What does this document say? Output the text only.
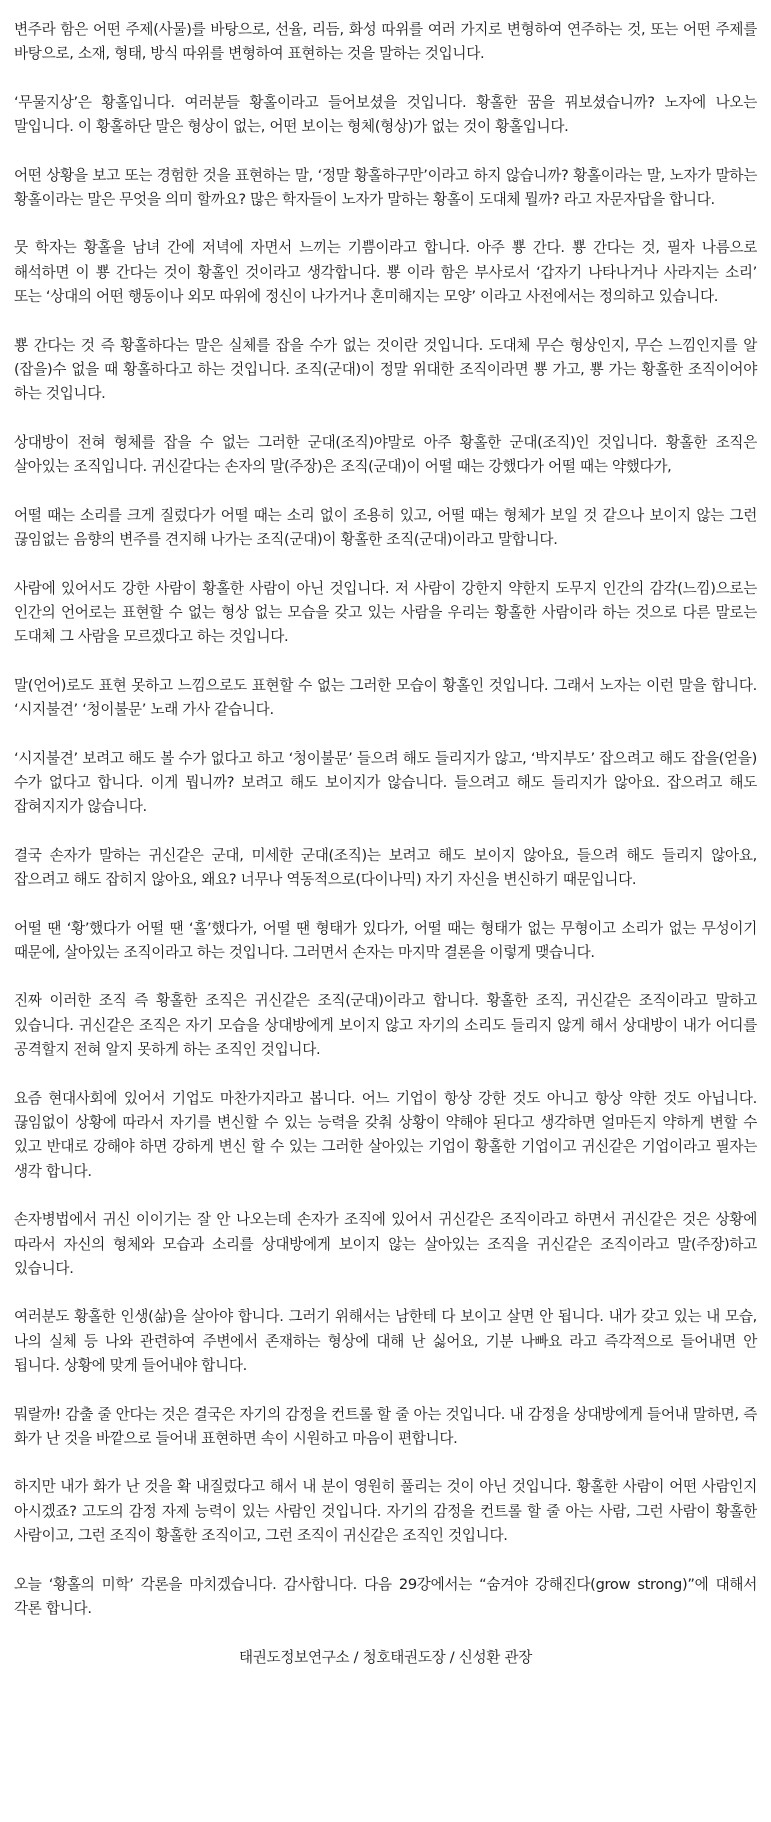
변주라 함은 어떤 주제(사물)를 바탕으로, 선율, 리듬, 화성 따위를 여러 가지로 변형하여 연주하는 것, 또는 어떤 주제를 바탕으로, 소재, 형태, 방식 따위를 변형하여 표현하는 것을 말하는 것입니다.

‘무물지상’은 황홀입니다. 여러분들 황홀이라고 들어보셨을 것입니다. 황홀한 꿈을 꿔보셨습니까? 노자에 나오는 말입니다. 이 황홀하단 말은 형상이 없는, 어떤 보이는 형체(형상)가 없는 것이 황홀입니다.

어떤 상황을 보고 또는 경험한 것을 표현하는 말, ‘정말 황홀하구만’이라고 하지 않습니까? 황홀이라는 말, 노자가 말하는 황홀이라는 말은 무엇을 의미 할까요? 많은 학자들이 노자가 말하는 황홀이 도대체 뭘까? 라고 자문자답을 합니다.

뭇 학자는 황홀을 남녀 간에 저녁에 자면서 느끼는 기쁨이라고 합니다. 아주 뿅 간다. 뿅 간다는 것, 필자 나름으로 해석하면 이 뿅 간다는 것이 황홀인 것이라고 생각합니다. 뿅 이라 함은 부사로서 ‘갑자기 나타나거나 사라지는 소리’ 또는 ‘상대의 어떤 행동이나 외모 따위에 정신이 나가거나 혼미해지는 모양’ 이라고 사전에서는 정의하고 있습니다.

뿅 간다는 것 즉 황홀하다는 말은 실체를 잡을 수가 없는 것이란 것입니다. 도대체 무슨 형상인지, 무슨 느낌인지를 알(잡을)수 없을 때 황홀하다고 하는 것입니다. 조직(군대)이 정말 위대한 조직이라면 뿅 가고, 뿅 가는 황홀한 조직이어야 하는 것입니다.

상대방이 전혀 형체를 잡을 수 없는 그러한 군대(조직)야말로 아주 황홀한 군대(조직)인 것입니다. 황홀한 조직은 살아있는 조직입니다. 귀신같다는 손자의 말(주장)은 조직(군대)이 어떨 때는 강했다가 어떨 때는 약했다가,

어떨 때는 소리를 크게 질렀다가 어떨 때는 소리 없이 조용히 있고, 어떨 때는 형체가 보일 것 같으나 보이지 않는 그런 끊임없는 음향의 변주를 견지해 나가는 조직(군대)이 황홀한 조직(군대)이라고 말합니다.

사람에 있어서도 강한 사람이 황홀한 사람이 아닌 것입니다. 저 사람이 강한지 약한지 도무지 인간의 감각(느낌)으로는 인간의 언어로는 표현할 수 없는 형상 없는 모습을 갖고 있는 사람을 우리는 황홀한 사람이라 하는 것으로 다른 말로는 도대체 그 사람을 모르겠다고 하는 것입니다.

말(언어)로도 표현 못하고 느낌으로도 표현할 수 없는 그러한 모습이 황홀인 것입니다. 그래서 노자는 이런 말을 합니다. ‘시지불견’ ‘청이불문’ 노래 가사 같습니다.

‘시지불견’ 보려고 해도 볼 수가 없다고 하고 ‘청이불문’ 들으려 해도 들리지가 않고, ‘박지부도’ 잡으려고 해도 잡을(얻을) 수가 없다고 합니다. 이게 뭡니까? 보려고 해도 보이지가 않습니다. 들으려고 해도 들리지가 않아요. 잡으려고 해도 잡혀지지가 않습니다.

결국 손자가 말하는 귀신같은 군대, 미세한 군대(조직)는 보려고 해도 보이지 않아요, 들으려 해도 들리지 않아요, 잡으려고 해도 잡히지 않아요, 왜요? 너무나 역동적으로(다이나믹) 자기 자신을 변신하기 때문입니다.

어떨 땐 ‘황’했다가 어떨 땐 ‘홀’했다가, 어떨 땐 형태가 있다가, 어떨 때는 형태가 없는 무형이고 소리가 없는 무성이기 때문에, 살아있는 조직이라고 하는 것입니다. 그러면서 손자는 마지막 결론을 이렇게 맺습니다.

진짜 이러한 조직 즉 황홀한 조직은 귀신같은 조직(군대)이라고 합니다. 황홀한 조직, 귀신같은 조직이라고 말하고 있습니다. 귀신같은 조직은 자기 모습을 상대방에게 보이지 않고 자기의 소리도 들리지 않게 해서 상대방이 내가 어디를 공격할지 전혀 알지 못하게 하는 조직인 것입니다.

요즘 현대사회에 있어서 기업도 마찬가지라고 봅니다. 어느 기업이 항상 강한 것도 아니고 항상 약한 것도 아닙니다. 끊임없이 상황에 따라서 자기를 변신할 수 있는 능력을 갖춰 상황이 약해야 된다고 생각하면 얼마든지 약하게 변할 수 있고 반대로 강해야 하면 강하게 변신 할 수 있는 그러한 살아있는 기업이 황홀한 기업이고 귀신같은 기업이라고 필자는 생각 합니다.

손자병법에서 귀신 이이기는 잘 안 나오는데 손자가 조직에 있어서 귀신같은 조직이라고 하면서 귀신같은 것은 상황에 따라서 자신의 형체와 모습과 소리를 상대방에게 보이지 않는 살아있는 조직을 귀신같은 조직이라고 말(주장)하고 있습니다.

여러분도 황홀한 인생(삶)을 살아야 합니다. 그러기 위해서는 남한테 다 보이고 살면 안 됩니다. 내가 갖고 있는 내 모습, 나의 실체 등 나와 관련하여 주변에서 존재하는 형상에 대해 난 싫어요, 기분 나빠요 라고 즉각적으로 들어내면 안 됩니다. 상황에 맞게 들어내야 합니다.

뭐랄까! 감출 줄 안다는 것은 결국은 자기의 감정을 컨트롤 할 줄 아는 것입니다. 내 감정을 상대방에게 들어내 말하면, 즉 화가 난 것을 바깥으로 들어내 표현하면 속이 시원하고 마음이 편합니다.

하지만 내가 화가 난 것을 확 내질렀다고 해서 내 분이 영원히 풀리는 것이 아닌 것입니다. 황홀한 사람이 어떤 사람인지 아시겠죠? 고도의 감정 자제 능력이 있는 사람인 것입니다. 자기의 감정을 컨트롤 할 줄 아는 사람, 그런 사람이 황홀한 사람이고, 그런 조직이 황홀한 조직이고, 그런 조직이 귀신같은 조직인 것입니다.

오늘 ‘황홀의 미학’ 각론을 마치겠습니다. 감사합니다. 다음 29강에서는 “숨겨야 강해진다(grow strong)”에 대해서 각론 합니다.

태권도정보연구소 / 청호태권도장 / 신성환 관장
